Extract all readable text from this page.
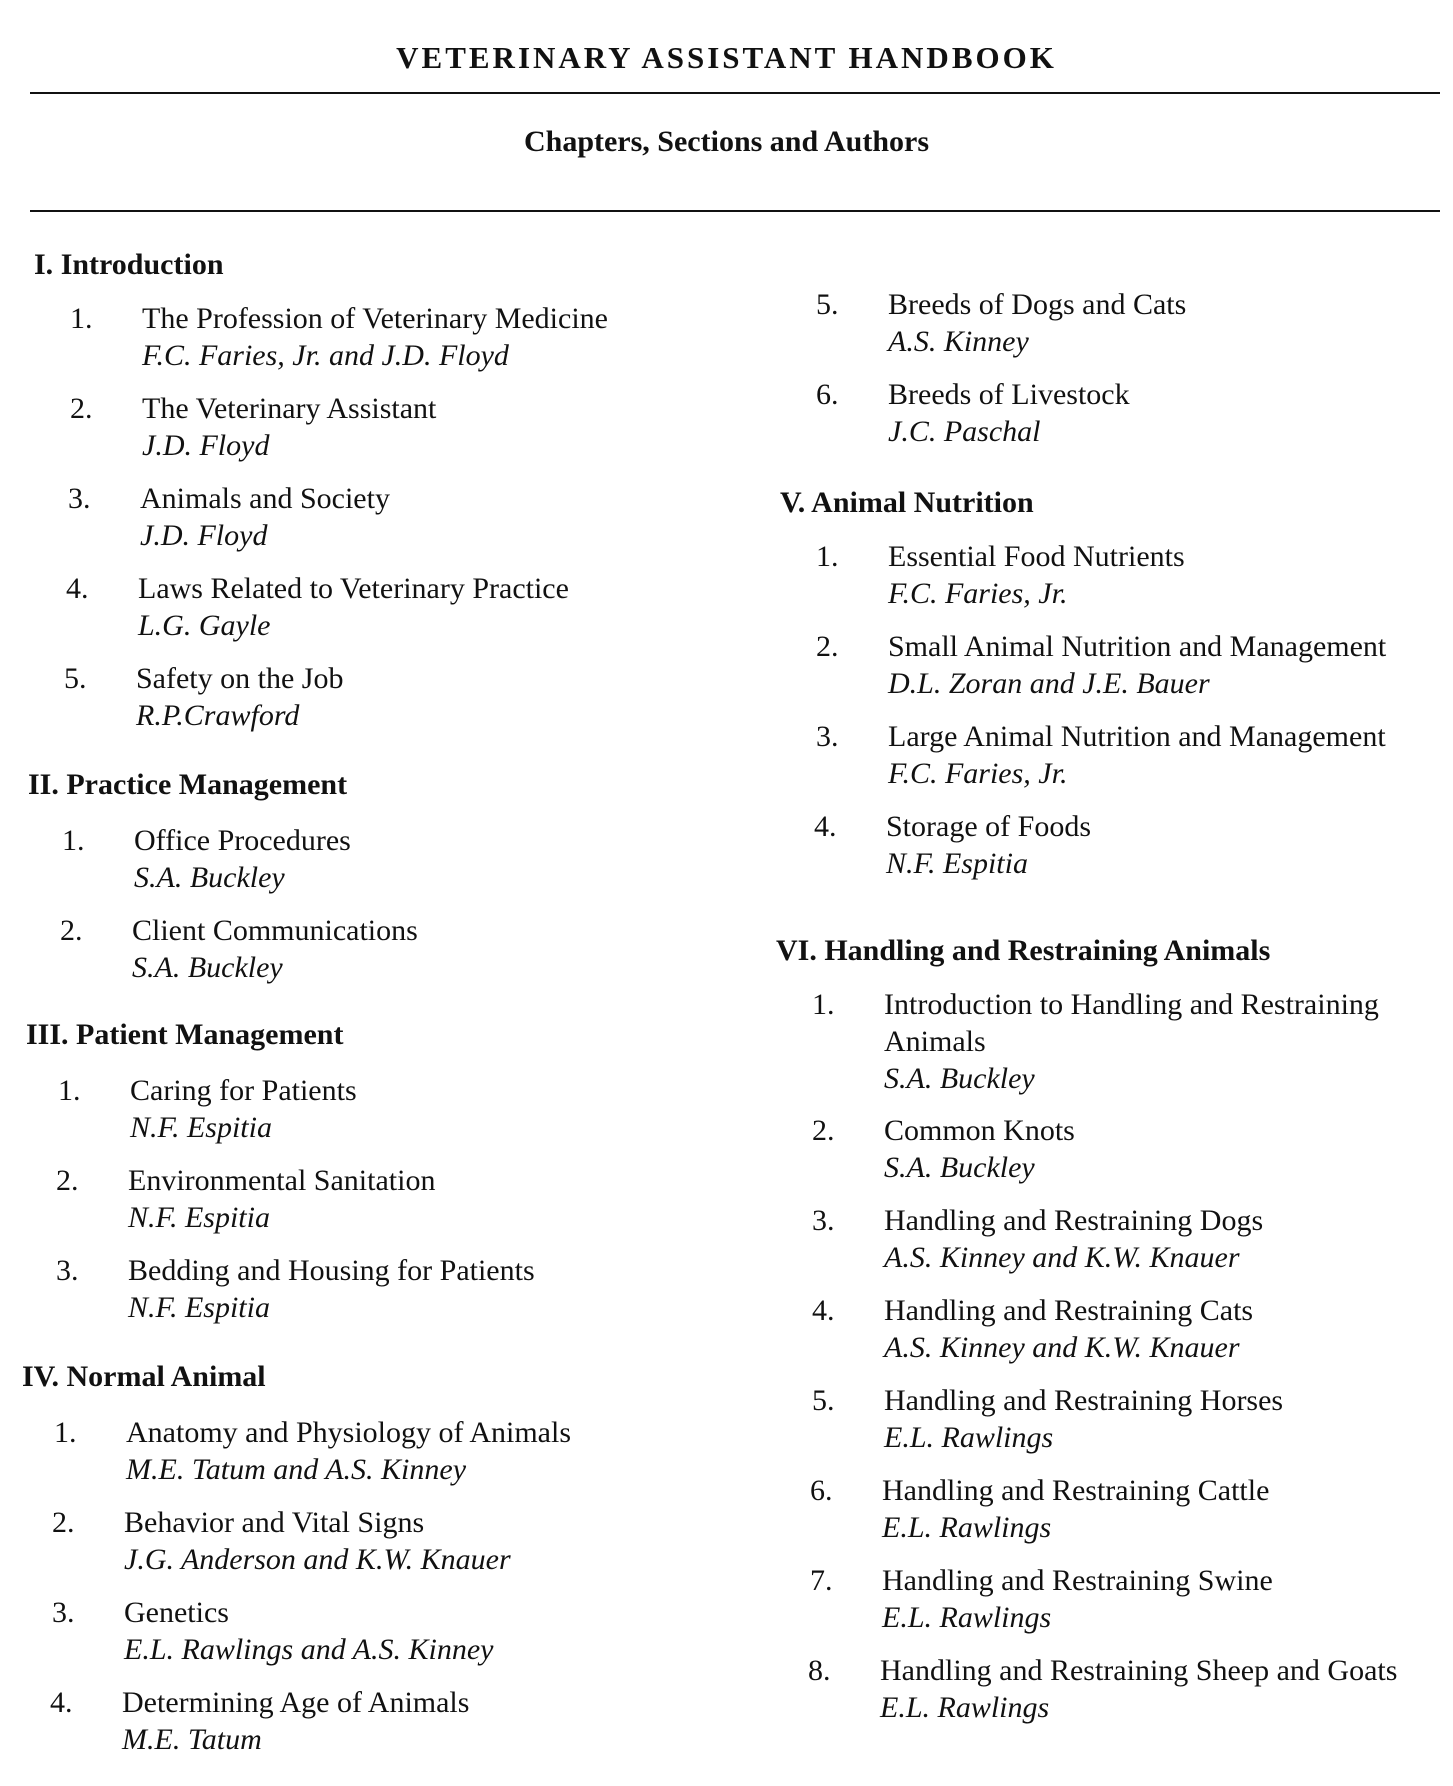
VETERINARY ASSISTANT HANDBOOK
Chapters, Sections and Authors
I. Introduction
1. The Profession of Veterinary Medicine
F.C. Faries, Jr. and J.D. Floyd
2. The Veterinary Assistant
J.D. Floyd
3. Animals and Society
J.D. Floyd
4. Laws Related to Veterinary Practice
L.G. Gayle
5. Safety on the Job
R.P.Crawford
II. Practice Management
1. Office Procedures
S.A. Buckley
2. Client Communications
S.A. Buckley
III. Patient Management
1. Caring for Patients
N.F. Espitia
2. Environmental Sanitation
N.F. Espitia
3. Bedding and Housing for Patients
N.F. Espitia
IV. Normal Animal
1. Anatomy and Physiology of Animals
M.E. Tatum and A.S. Kinney
2. Behavior and Vital Signs
J.G. Anderson and K.W. Knauer
3. Genetics
E.L. Rawlings and A.S. Kinney
4. Determining Age of Animals
M.E. Tatum
5. Breeds of Dogs and Cats
A.S. Kinney
6. Breeds of Livestock
J.C. Paschal
V. Animal Nutrition
1. Essential Food Nutrients
F.C. Faries, Jr.
2. Small Animal Nutrition and Management
D.L. Zoran and J.E. Bauer
3. Large Animal Nutrition and Management
F.C. Faries, Jr.
4. Storage of Foods
N.F. Espitia
VI. Handling and Restraining Animals
1. Introduction to Handling and Restraining Animals
S.A. Buckley
2. Common Knots
S.A. Buckley
3. Handling and Restraining Dogs
A.S. Kinney and K.W. Knauer
4. Handling and Restraining Cats
A.S. Kinney and K.W. Knauer
5. Handling and Restraining Horses
E.L. Rawlings
6. Handling and Restraining Cattle
E.L. Rawlings
7. Handling and Restraining Swine
E.L. Rawlings
8. Handling and Restraining Sheep and Goats
E.L. Rawlings
